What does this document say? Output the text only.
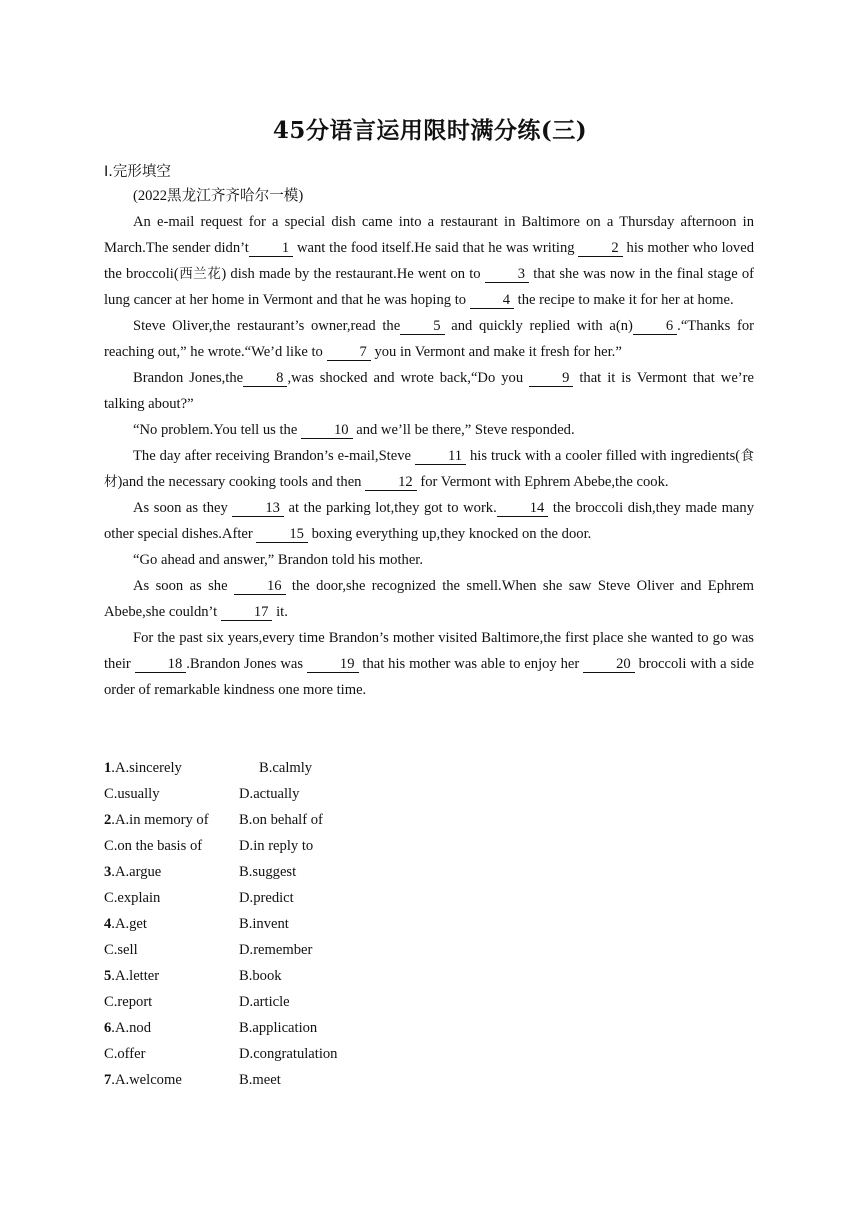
45分语言运用限时满分练(三)
Ⅰ.完形填空

(2022黑龙江齐齐哈尔一模)

An e-mail request for a special dish came into a restaurant in Baltimore on a Thursday afternoon in March.The sender didn’t 1 want the food itself.He said that he was writing 2 his mother who loved the broccoli(西兰花) dish made by the restaurant.He went on to 3 that she was now in the final stage of lung cancer at her home in Vermont and that he was hoping to 4 the recipe to make it for her at home.

Steve Oliver,the restaurant’s owner,read the 5 and quickly replied with a(n) 6 .“Thanks for reaching out,” he wrote.“We’d like to 7 you in Vermont and make it fresh for her.”

Brandon Jones,the 8 ,was shocked and wrote back,“Do you 9 that it is Vermont that we’re talking about?”

“No problem.You tell us the 10 and we’ll be there,” Steve responded.

The day after receiving Brandon’s e-mail,Steve 11 his truck with a cooler filled with ingredients(食材)and the necessary cooking tools and then 12 for Vermont with Ephrem Abebe,the cook.

As soon as they 13 at the parking lot,they got to work. 14 the broccoli dish,they made many other special dishes.After 15 boxing everything up,they knocked on the door.

“Go ahead and answer,” Brandon told his mother.

As soon as she 16 the door,she recognized the smell.When she saw Steve Oliver and Ephrem Abebe,she couldn’t 17 it.

For the past six years,every time Brandon’s mother visited Baltimore,the first place she wanted to go was their 18 .Brandon Jones was 19 that his mother was able to enjoy her 20 broccoli with a side order of remarkable kindness one more time.

1.A.sincerely	B.calmly
C.usually	D.actually
2.A.in memory of B.on behalf of
C.on the basis of	D.in reply to
3.A.argue	B.suggest
C.explain	D.predict
4.A.get	B.invent
C.sell	D.remember
5.A.letter	B.book
C.report	D.article
6.A.nod	B.application
C.offer	D.congratulation
7.A.welcome	B.meet
